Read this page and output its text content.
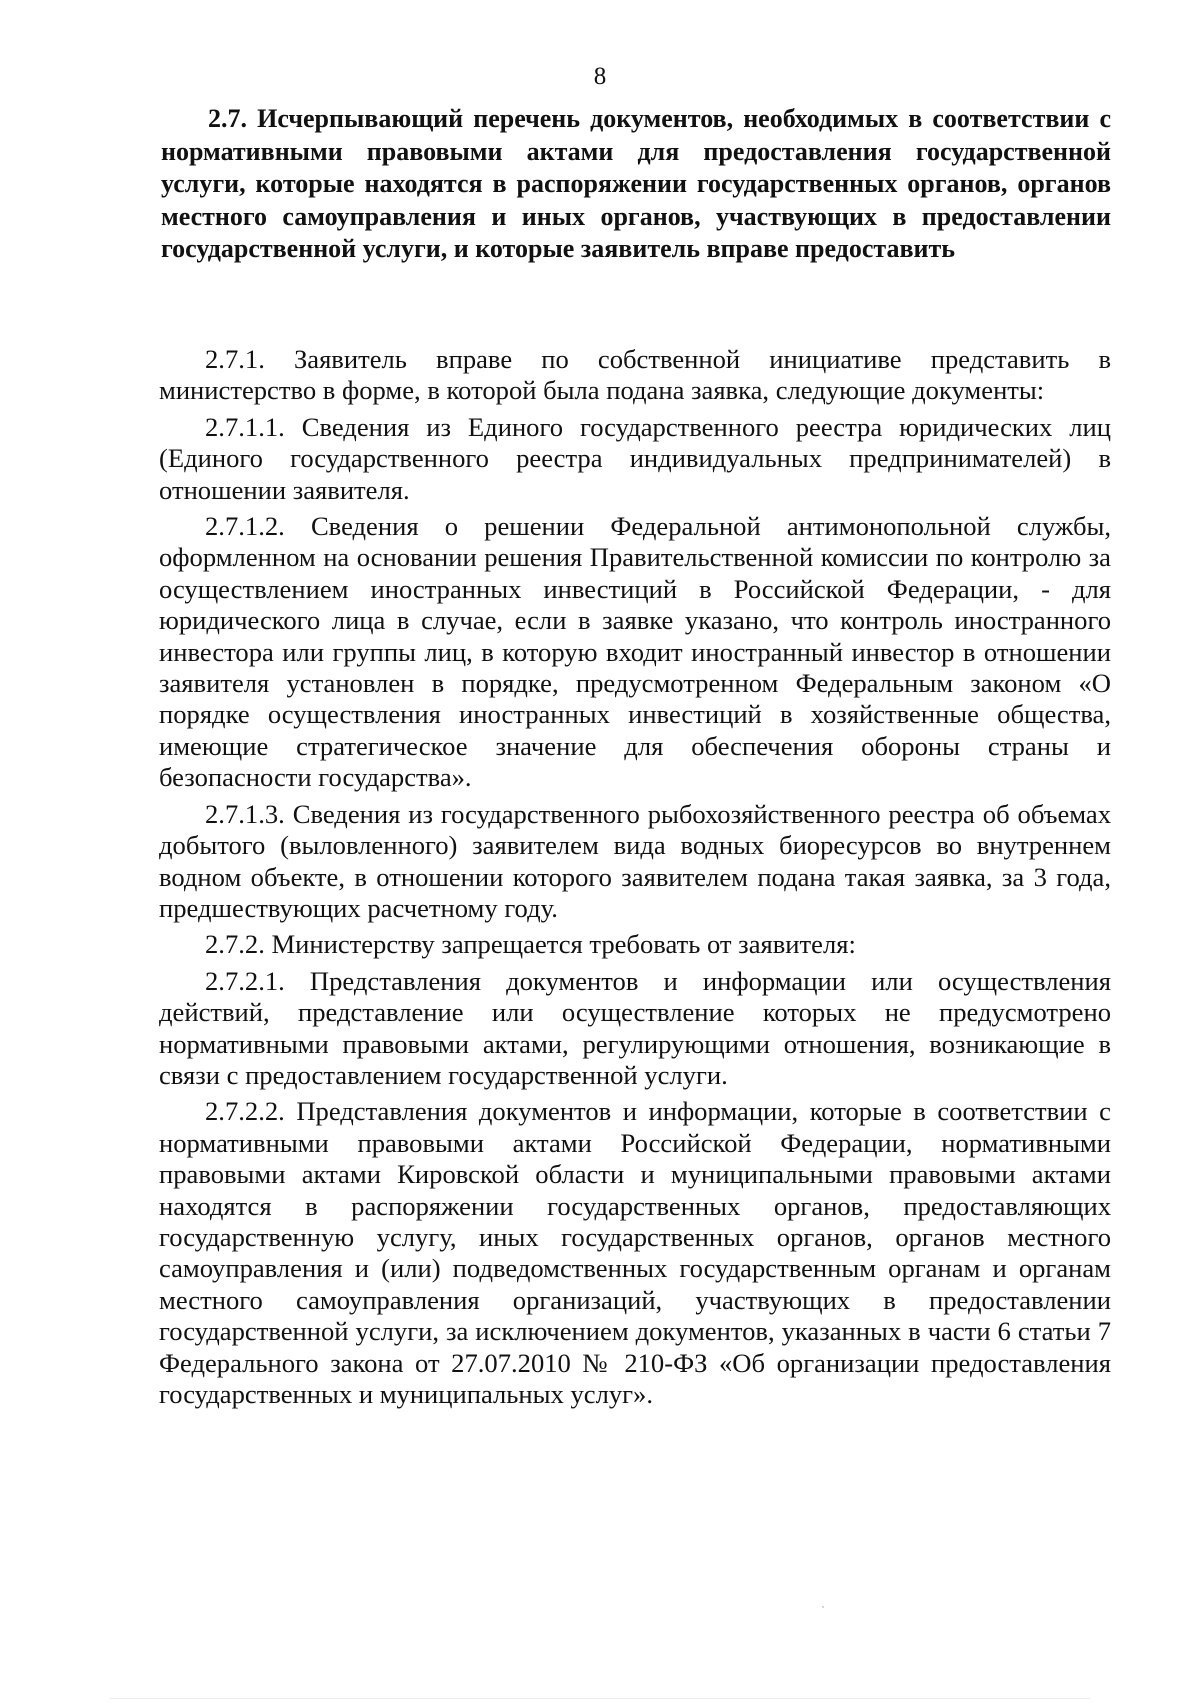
8
2.7. Исчерпывающий перечень документов, необходимых в соответствии с нормативными правовыми актами для предоставления государственной услуги, которые находятся в распоряжении государственных органов, органов местного самоуправления и иных органов, участвующих в предоставлении государственной услуги, и которые заявитель вправе предоставить

2.7.1. Заявитель вправе по собственной инициативе представить в министерство в форме, в которой была подана заявка, следующие документы:

2.7.1.1. Сведения из Единого государственного реестра юридических лиц (Единого государственного реестра индивидуальных предпринимателей) в отношении заявителя.

2.7.1.2. Сведения о решении Федеральной антимонопольной службы, оформленном на основании решения Правительственной комиссии по контролю за осуществлением иностранных инвестиций в Российской Федерации, - для юридического лица в случае, если в заявке указано, что контроль иностранного инвестора или группы лиц, в которую входит иностранный инвестор в отношении заявителя установлен в порядке, предусмотренном Федеральным законом «О порядке осуществления иностранных инвестиций в хозяйственные общества, имеющие стратегическое значение для обеспечения обороны страны и безопасности государства».

2.7.1.3. Сведения из государственного рыбохозяйственного реестра об объемах добытого (выловленного) заявителем вида водных биоресурсов во внутреннем водном объекте, в отношении которого заявителем подана такая заявка, за 3 года, предшествующих расчетному году.

2.7.2. Министерству запрещается требовать от заявителя:

2.7.2.1. Представления документов и информации или осуществления действий, представление или осуществление которых не предусмотрено нормативными правовыми актами, регулирующими отношения, возникающие в связи с предоставлением государственной услуги.

2.7.2.2. Представления документов и информации, которые в соответствии с нормативными правовыми актами Российской Федерации, нормативными правовыми актами Кировской области и муниципальными правовыми актами находятся в распоряжении государственных органов, предоставляющих государственную услугу, иных государственных органов, органов местного самоуправления и (или) подведомственных государственным органам и органам местного самоуправления организаций, участвующих в предоставлении государственной услуги, за исключением документов, указанных в части 6 статьи 7 Федерального закона от 27.07.2010 № 210-ФЗ «Об организации предоставления государственных и муниципальных услуг».
